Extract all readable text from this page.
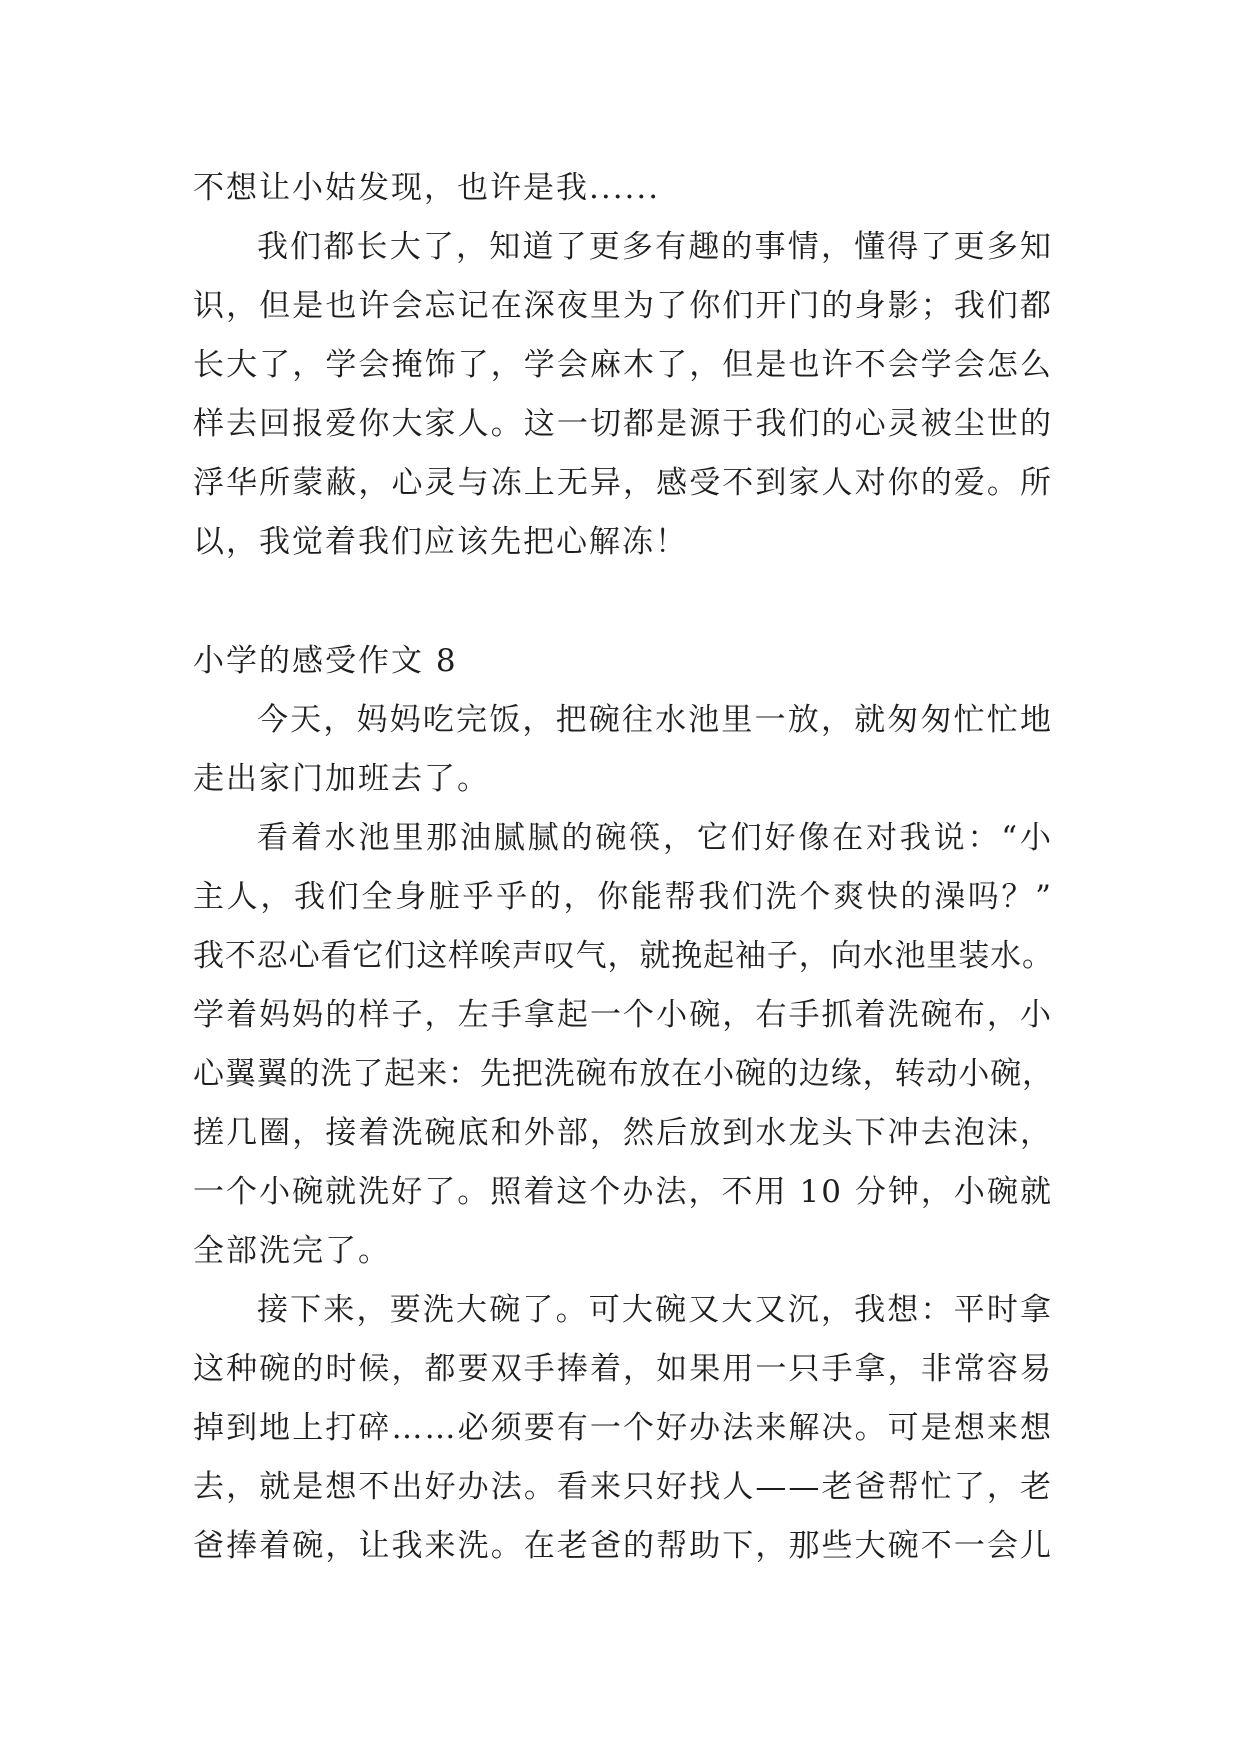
不想让小姑发现，也许是我......
我们都长大了，知道了更多有趣的事情，懂得了更多知
识，但是也许会忘记在深夜里为了你们开门的身影；我们都
长大了，学会掩饰了，学会麻木了，但是也许不会学会怎么
样去回报爱你大家人。这一切都是源于我们的心灵被尘世的
浮华所蒙蔽，心灵与冻上无异，感受不到家人对你的爱。所
以，我觉着我们应该先把心解冻！
小学的感受作文 8
今天，妈妈吃完饭，把碗往水池里一放，就匆匆忙忙地
走出家门加班去了。
看着水池里那油腻腻的碗筷，它们好像在对我说：“小
主人，我们全身脏乎乎的，你能帮我们洗个爽快的澡吗？”
我不忍心看它们这样唉声叹气，就挽起袖子，向水池里装水。
学着妈妈的样子，左手拿起一个小碗，右手抓着洗碗布，小
心翼翼的洗了起来：先把洗碗布放在小碗的边缘，转动小碗，
搓几圈，接着洗碗底和外部，然后放到水龙头下冲去泡沫，
一个小碗就洗好了。照着这个办法，不用 10 分钟，小碗就
全部洗完了。
接下来，要洗大碗了。可大碗又大又沉，我想：平时拿
这种碗的时候，都要双手捧着，如果用一只手拿，非常容易
掉到地上打碎……必须要有一个好办法来解决。可是想来想
去，就是想不出好办法。看来只好找人——老爸帮忙了，老
爸捧着碗，让我来洗。在老爸的帮助下，那些大碗不一会儿
